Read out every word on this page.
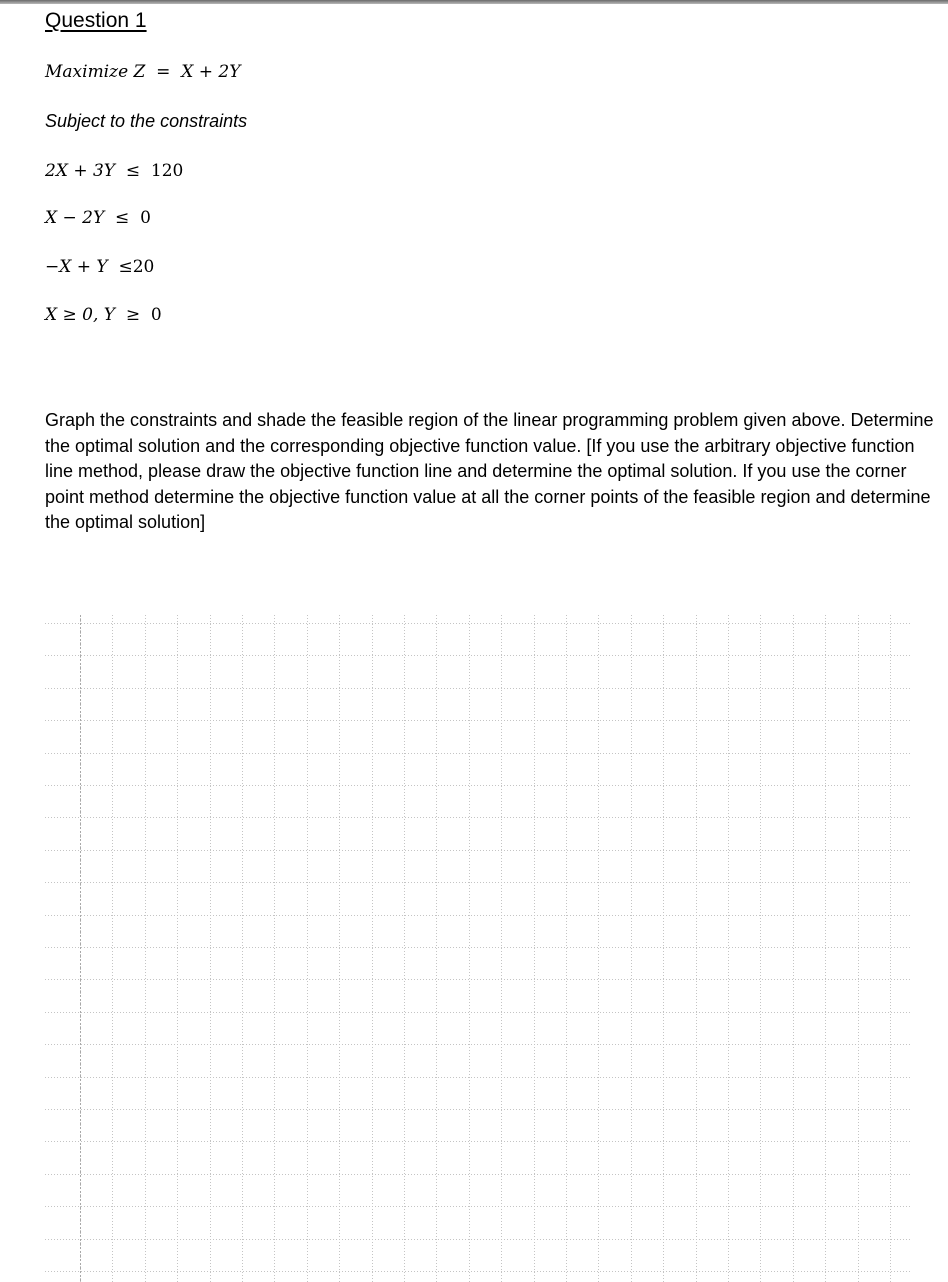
Question 1
Maximize Z = X + 2Y
Subject to the constraints
2X + 3Y ≤ 120
X − 2Y ≤ 0
−X + Y ≤20
X ≥ 0, Y ≥ 0
Graph the constraints and shade the feasible region of the linear programming problem given above. Determine the optimal solution and the corresponding objective function value. [If you use the arbitrary objective function line method, please draw the objective function line and determine the optimal solution. If you use the corner point method determine the objective function value at all the corner points of the feasible region and determine the optimal solution]
